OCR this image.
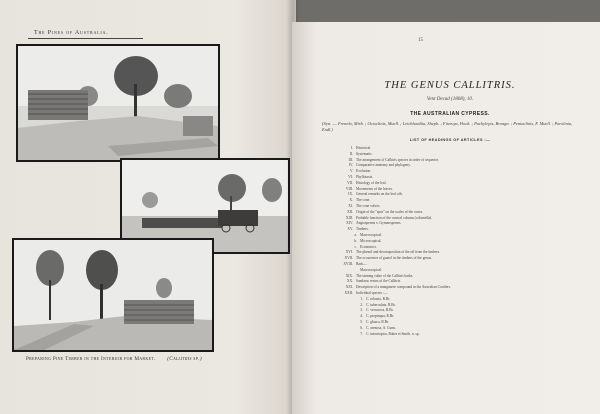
The Pines of Australia.
Preparing Pine Timber in the Interior for Market. (Callitris sp.)
15
THE GENUS CALLITRIS.
Vent Decad (1808), 10.
THE AUSTRALIAN CYPRESS.
(Syn. — Frenela, Mirb. ; Octoclinis, Muell. ; Leichhardtia, Sheph. ; Fitzroya, Hook. ; Pachylepis, Brongn. ; Pentaclinis, F. Muell. ; Parolinia, Endl.)
LIST OF HEADINGS OF ARTICLES :—
I. Historical.
II. Systematic.
III. The arrangement of Callitris species in order of sequence.
IV. Comparative anatomy and phylogeny.
V. Evolution.
VI. Phyllotaxis.
VII. Histology of the leaf.
VIII. Movements of the leaves.
IX. General remarks on the leaf oils.
X. The cone.
XI. The cone valves.
XII. Origin of the "spur" on the scales of the cones.
XIII. Probable function of the conical column (columella).
XIV. Angiosperms v. Gymnosperms.
XV. Timbers.
a. Macroscopical.
b. Microscopical.
c. Economics.
XVI. The phenol and decomposition of the oil from the timbers.
XVII. The occurrence of guaiol in the timbers of the genus.
XVIII. Bark—
Macroscopical.
XIX. The tanning value of the Callitris barks.
XX. Sandarac resins of the Callitris.
XXI. Description of a manganese compound in the Australian Conifers.
XXII. Individual species :—
1. C. robusta, R.Br.
2. C. tuberculata, R.Br.
3. C. verrucosa, R.Br.
4. C. propinqua, R.Br.
5. C. glauca, R.Br.
6. C. arenosa, A. Cunn.
7. C. intratropica, Baker et Smith, n. sp.
